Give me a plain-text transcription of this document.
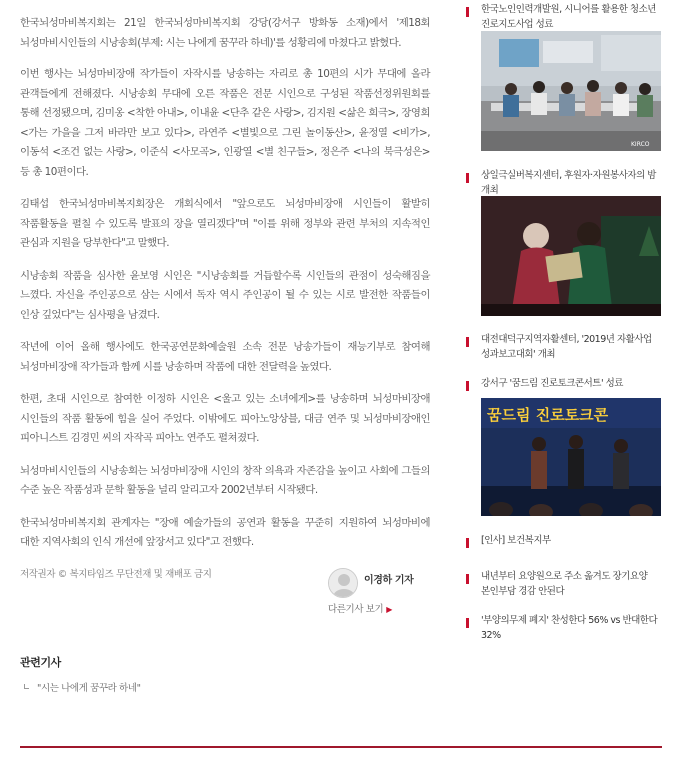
한국뇌성마비복지회는 21일 한국뇌성마비복지회 강당(강서구 방화동 소재)에서 '제18회 뇌성마비시인들의 시낭송회(부제: 시는 나에게 꿈꾸라 하네)'를 성황리에 마쳤다고 밝혔다.

이번 행사는 뇌성마비장애 작가들이 자작시를 낭송하는 자리로 총 10편의 시가 무대에 올라 관객들에게 전해졌다. 시낭송회 무대에 오른 작품은 전문 시인으로 구성된 작품선정위원회를 통해 선정됐으며, 김미옹 <착한 아내>, 이내윤 <단추 같은 사랑>, 김지원 <삶은 희극>, 장영희 <가는 가을을 그저 바라만 보고 있다>, 라연주 <별빛으로 그린 놀이동산>, 윤정열 <비가>, 이동석 <조건 없는 사랑>, 이준식 <사모곡>, 인광열 <별 친구들>, 정은주 <나의 북극성은> 등 총 10편이다.

김태섭 한국뇌성마비복지회장은 개회식에서 "앞으로도 뇌성마비장애 시인들이 활발히 작품활동을 펼칠 수 있도록 발표의 장을 열리겠다"며 "이를 위해 정부와 관련 부처의 지속적인 관심과 지원을 당부한다"고 말했다.

시낭송회 작품을 심사한 윤보영 시인은 "시낭송회를 거듭할수록 시인들의 관점이 성숙해짐을 느꼈다. 자신을 주인공으로 삼는 시에서 독자 역시 주인공이 될 수 있는 시로 발전한 작품들이 인상 깊었다"는 심사평을 남겼다.

작년에 이어 올해 행사에도 한국공연문화예술원 소속 전문 낭송가들이 재능기부로 참여해 뇌성마비장애 작가들과 함께 시를 낭송하며 작품에 대한 전달력을 높였다.

한편, 초대 시인으로 참여한 이정하 시인은 <울고 있는 소녀에게>를 낭송하며 뇌성마비장애 시인들의 작품 활동에 힘을 실어 주었다. 이밖에도 피아노앙상블, 대금 연주 및 뇌성마비장애인 피아니스트 김경민 씨의 자작곡 피아노 연주도 펼쳐졌다.

뇌성마비시인들의 시낭송회는 뇌성마비장애 시인의 창작 의욕과 자존감을 높이고 사회에 그들의 수준 높은 작품성과 문학 활동을 널리 알리고자 2002년부터 시작됐다.

한국뇌성마비복지회 관계자는 "장애 예술가들의 공연과 활동을 꾸준히 지원하여 뇌성마비에 대한 지역사회의 인식 개선에 앞장서고 있다"고 전했다.

저작권자 © 복지타임즈 무단전재 및 재배포 금지
이경하 기자
다른기사 보기 ▶
관련기사
"시는 나에게 꿈꾸라 하네"
한국노인인력개발원, 시니어를 활용한 청소년 진로지도사업 성료
KIRCO
상일극실버복지센터, 후원자·자원봉사자의 밤 개최
대전대덕구지역자활센터, '2019년 자활사업 성과보고대회' 개최
강서구 '꿈드림 진로토크콘서트' 성료
꿈드림 진로토크콘
[인사] 보건복지부
내년부터 요양원으로 주소 옮겨도 장기요양 본인부담 경감 안된다
'부양의무제 폐지' 찬성한다 56% vs 반대한다 32%
